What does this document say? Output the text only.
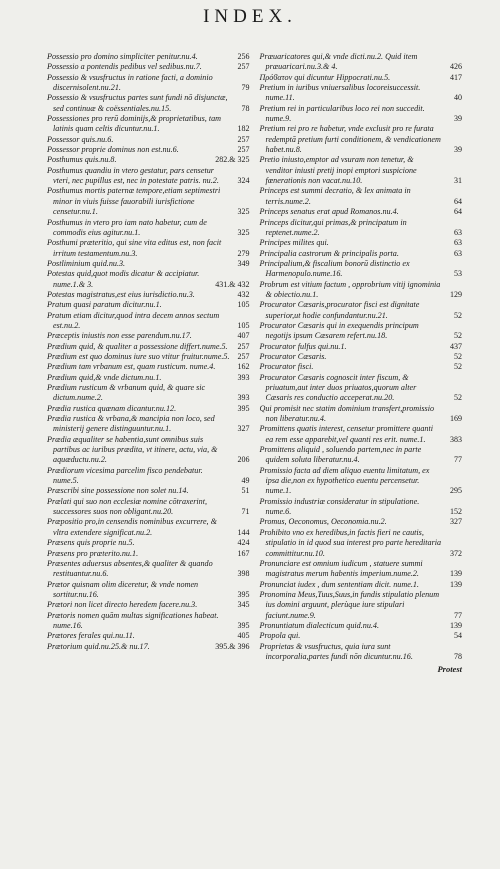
INDEX.
Possessio pro domino simpliciter penitur.nu.4.	256
Possessio a pontendis pedibus vel sedibus.nu.7.	257
Possessio & vsusfructus in ratione facti, a dominio discernisolent.nu.21.	79
Possessio & vsusfructus partes sunt fundi nō disjunctæ, sed continuæ & coëssentiales.nu.15.	78
Possessiones pro rerū dominijs,& proprietatibus, tam latinis quam celtis dicuntur.nu.1.	182
Possessor quis.nu.6.	257
Possessor proprie dominus non est.nu.6.	257
Posthumus quis.nu.8.	282.& 325
Posthumus quandiu in vtero gestatur, pars censetur vteri, nec pupillus est, nec in potestate patris. nu.2. 324
Posthumus mortis paternæ tempore,etiam septimestri minor in viuis fuisse fauorabili iurisfictione censetur.nu.1.	325
Posthumus in vtero pro iam nato habetur, cum de commodis eius agitur.nu.1.	325
Posthumi præteritio, qui sine vita editus est, non facit irritum testamentum.nu.3.	279
Postliminium quid.nu.3.	349
Potestas quid,quot modis dicatur & accipiatur. nume.1.& 3.	431.& 432
Potestas magistratus,est eius iurisdictio.nu.3.	432
Pratum quasi paratum dicitur.nu.1.	105
Pratum etiam dicitur,quod intra decem annos sectum est.nu.2.	105
Præceptis iniustis non esse parendum.nu.17.	407
Prædium quid, & qualiter a possessione differt.nume.5. 257
Prædium est quo dominus iure suo vtitur fruitur.nume.5. 257
Prædium tam vrbanum est, quam rusticum. nume.4.	162
Prædium quid,& vnde dictum.nu.1.	393
Prædium rusticum & vrbanum quid, & quare sic dictum.nume.2.	393
Prædia rustica quænam dicantur.nu.12.	395
Prædia rustica & vrbana,& mancipia non loco, sed ministerij genere distinguuntur.nu.1.	327
Prædia æqualiter se habentia,sunt omnibus suis partibus ac iuribus prædita, vt itinere, actu, via, & aquæductu.nu.2.	206
Prædiorum vicesima parcelim fisco pendebatur. nume.5.	49
Præscribi sine possessione non solet nu.14.	51
Prælati qui suo non ecclesiæ nomine cōtraxerint, successores suos non obligant.nu.20.	71
Præpositio pro,in censendis nominibus excurrere, & vltra extendere significat.nu.2.	144
Præsens quis proprie nu.5.	424
Præsens pro præterito.nu.1.	167
Præsentes aduersus absentes,& qualiter & quando restituantur.nu.6.	398
Prætor quisnam olim diceretur, & vnde nomen sortitur.nu.16.	395
Prætori non licet directo heredem facere.nu.3.	345
Prætoris nomen quām multas significationes habeat. nume.16.	395
Prætores ferales qui.nu.11.	405
Prætorium quid.nu.25.& nu.17.	395.& 396
Præuaricatores qui,& vnde dicti.nu.2. Quid item præuaricari.nu.3.& 4.	426
Πρόϐατον qui dicuntur Hippocrati.nu.5.	417
Pretium in iuribus vniuersalibus locoreisuccessit. nume.11.	40
Pretium rei in particularibus loco rei non succedit. nume.9.	39
Pretium rei pro re habetur, vnde exclusit pro re furata redemptā pretium furti conditionem, & vendicationem habet.nu.8.	39
Pretio iniusto,emptor ad vsuram non tenetur, & venditor iniusti pretij inopi emptori suspicione fœnerationis non vacat.nu.10.	31
Princeps est summi decratio, & lex animata in terris.nume.2.	64
Princeps senatus erat apud Romanos.nu.4.	64
Princeps dicitur,qui primas,& principatum in reptenet.nume.2.	63
Principes milites qui.	63
Principalia castrorum & principalis porta.	63
Principalium,& fiscalium bonorū distinctio ex Harmenopulo.nume.16.	53
Probrum est vitium factum , opprobrium vitij ignominia & obiectio.nu.1.	129
Procurator Cæsaris,procurator fisci est dignitate superior,ut hodie confundantur.nu.21.	52
Procurator Cæsaris qui in exequendis principum negotijs ipsum Cæsarem refert.nu.18.	52
Procurator fulfus qui.nu.1.	437
Procurator Cæsaris.	52
Procurator fisci.	52
Procurator Cæsaris cognoscit inter fiscum, & priuatum,aut inter duos priuatos,quorum alter Cæsaris res conductio acceperat.nu.20.	52
Qui promisit nec statim dominium transfert,promissio non liberatur.nu.4.	169
Promittens quatis interest, censetur promittere quanti ea rem esse apparebit,vel quanti res erit. nume.1.	383
Promittens aliquid , soluendo partem,nec in parte quidem soluta liberatur.nu.4.	77
Promissio facta ad diem aliquo euentu limitatum, ex ipsa die,non ex hypothetico euentu percensetur. nume.1.	295
Promissio industriæ consideratur in stipulatione. nume.6.	152
Promus, Oeconomus, Oeconomia.nu.2.	327
Prohibito vno ex heredibus,in factis fieri ne cautis, stipulatio in id quod sua interest pro parte hereditaria committitur.nu.10.	372
Pronunciare est omnium iudicum , statuere summi magistratus merum habentis imperium.nume.2.	139
Pronunciat iudex , dum sententiam dicit. nume.1.	139
Pronomina Meus,Tuus,Suus,in fundis stipulatio plenum ius domini arguunt, plerùque iure stipulari faciunt.nume.9.	77
Pronuntiatum dialecticum quid.nu.4.	139
Propola qui.	54
Proprietas & vsusfructus, quia iura sunt incorporalia,partes fundi nōn dicuntur.nu.16.	78
Protest
